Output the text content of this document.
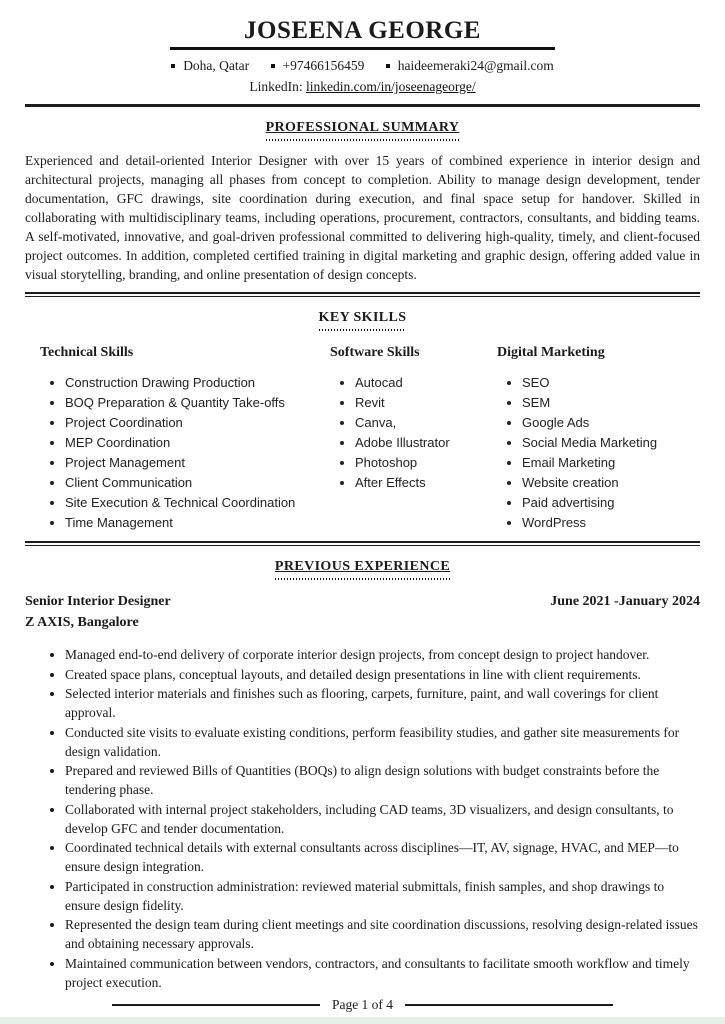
JOSEENA GEORGE
Doha, Qatar +97466156459 haideemeraki24@gmail.com
LinkedIn: linkedin.com/in/joseenageorge/
PROFESSIONAL SUMMARY
Experienced and detail-oriented Interior Designer with over 15 years of combined experience in interior design and architectural projects, managing all phases from concept to completion. Ability to manage design development, tender documentation, GFC drawings, site coordination during execution, and final space setup for handover. Skilled in collaborating with multidisciplinary teams, including operations, procurement, contractors, consultants, and bidding teams. A self-motivated, innovative, and goal-driven professional committed to delivering high-quality, timely, and client-focused project outcomes. In addition, completed certified training in digital marketing and graphic design, offering added value in visual storytelling, branding, and online presentation of design concepts.
KEY SKILLS
Technical Skills
• Construction Drawing Production
• BOQ Preparation & Quantity Take-offs
• Project Coordination
• MEP Coordination
• Project Management
• Client Communication
• Site Execution & Technical Coordination
• Time Management
Software Skills
• Autocad
• Revit
• Canva,
• Adobe Illustrator
• Photoshop
• After Effects
Digital Marketing
• SEO
• SEM
• Google Ads
• Social Media Marketing
• Email Marketing
• Website creation
• Paid advertising
• WordPress
PREVIOUS EXPERIENCE
Senior Interior Designer	June 2021 -January 2024
Z AXIS, Bangalore
• Managed end-to-end delivery of corporate interior design projects, from concept design to project handover.
• Created space plans, conceptual layouts, and detailed design presentations in line with client requirements.
• Selected interior materials and finishes such as flooring, carpets, furniture, paint, and wall coverings for client approval.
• Conducted site visits to evaluate existing conditions, perform feasibility studies, and gather site measurements for design validation.
• Prepared and reviewed Bills of Quantities (BOQs) to align design solutions with budget constraints before the tendering phase.
• Collaborated with internal project stakeholders, including CAD teams, 3D visualizers, and design consultants, to develop GFC and tender documentation.
• Coordinated technical details with external consultants across disciplines—IT, AV, signage, HVAC, and MEP—to ensure design integration.
• Participated in construction administration: reviewed material submittals, finish samples, and shop drawings to ensure design fidelity.
• Represented the design team during client meetings and site coordination discussions, resolving design-related issues and obtaining necessary approvals.
• Maintained communication between vendors, contractors, and consultants to facilitate smooth workflow and timely project execution.
Page 1 of 4
